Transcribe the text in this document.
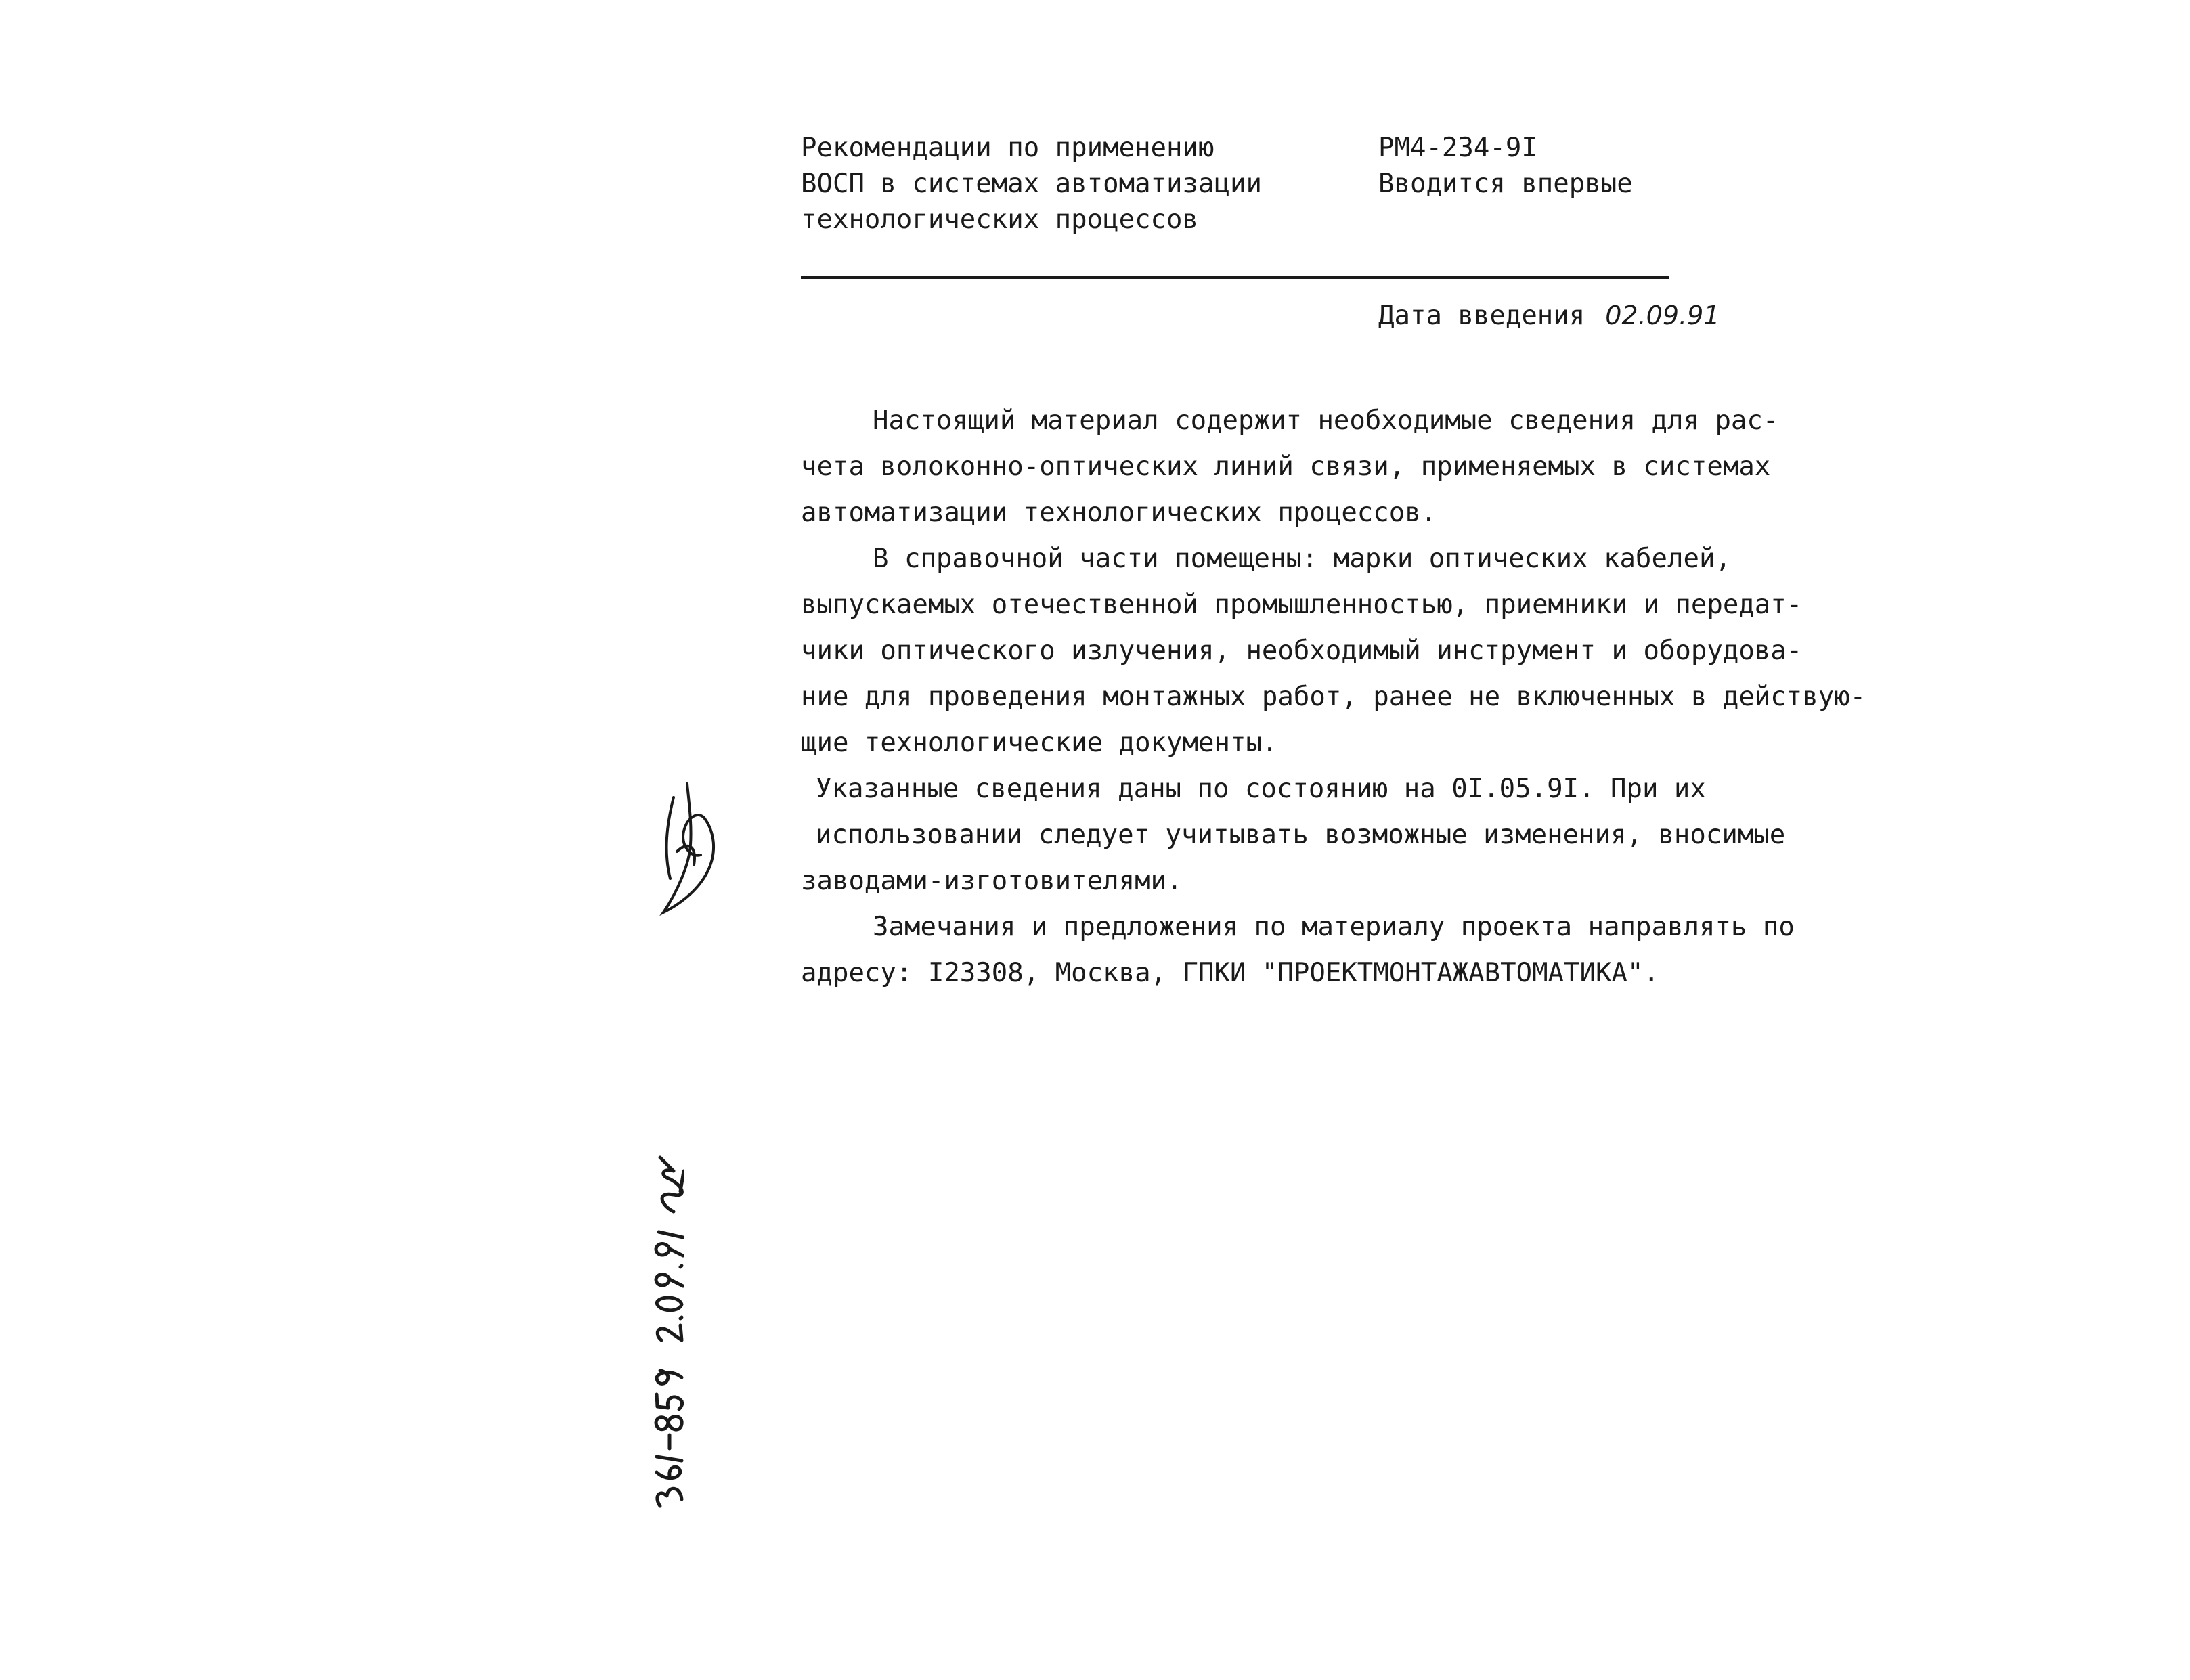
Рекомендации по применению
ВОСП в системах автоматизации
технологических процессов
РМ4-234-9I
Вводится впервые
Дата введения 02.09.91
Настоящий материал содержит необходимые сведения для рас-
чета волоконно-оптических линий связи, применяемых в системах
автоматизации технологических процессов.
В справочной части помещены: марки оптических кабелей,
выпускаемых отечественной промышленностью, приемники и передат-
чики оптического излучения, необходимый инструмент и оборудова-
ние для проведения монтажных работ, ранее не включенных в действую-
щие технологические документы.
Указанные сведения даны по состоянию на 0I.05.9I. При их
использовании следует учитывать возможные изменения, вносимые
заводами-изготовителями.
Замечания и предложения по материалу проекта направлять по
адресу: I23308, Москва, ГПКИ "ПРОЕКТМОНТАЖАВТОМАТИКА".
